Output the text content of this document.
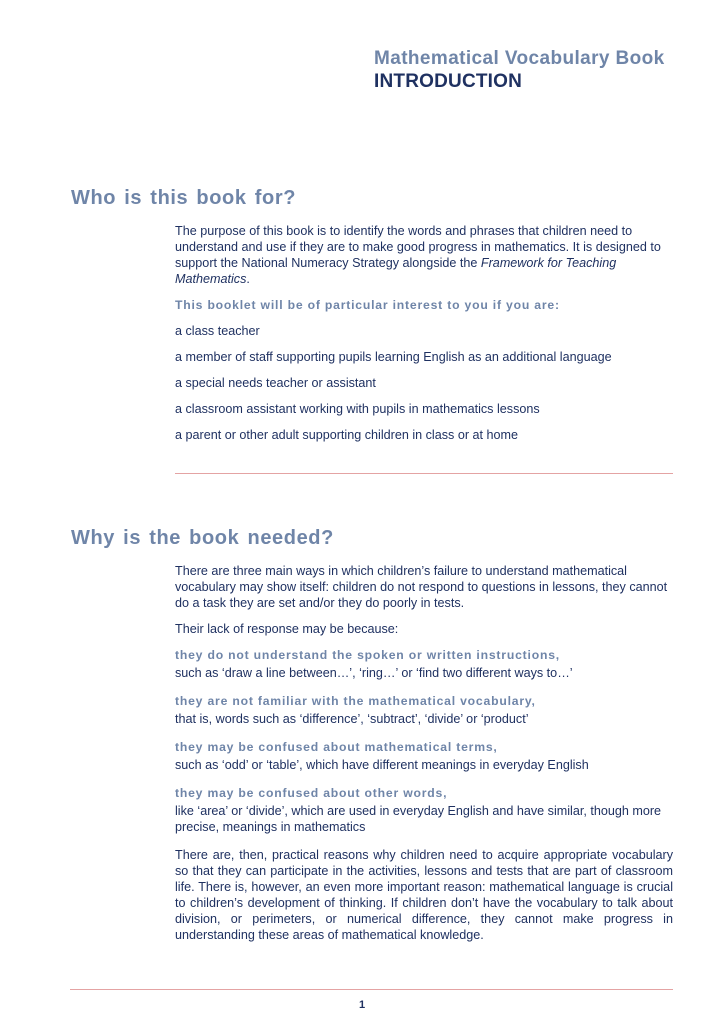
Mathematical Vocabulary Book
INTRODUCTION
Who is this book for?

The purpose of this book is to identify the words and phrases that children need to understand and use if they are to make good progress in mathematics. It is designed to support the National Numeracy Strategy alongside the Framework for Teaching Mathematics.

This booklet will be of particular interest to you if you are:

a class teacher

a member of staff supporting pupils learning English as an additional language

a special needs teacher or assistant

a classroom assistant working with pupils in mathematics lessons

a parent or other adult supporting children in class or at home

Why is the book needed?

There are three main ways in which children’s failure to understand mathematical vocabulary may show itself: children do not respond to questions in lessons, they cannot do a task they are set and/or they do poorly in tests.

Their lack of response may be because:

they do not understand the spoken or written instructions,

such as ‘draw a line between…’, ‘ring…’ or ‘find two different ways to…’

they are not familiar with the mathematical vocabulary,

that is, words such as ‘difference’, ‘subtract’, ‘divide’ or ‘product’

they may be confused about mathematical terms,

such as ‘odd’ or ‘table’, which have different meanings in everyday English

they may be confused about other words,

like ‘area’ or ‘divide’, which are used in everyday English and have similar, though more precise, meanings in mathematics

There are, then, practical reasons why children need to acquire appropriate vocabulary so that they can participate in the activities, lessons and tests that are part of classroom life. There is, however, an even more important reason: mathematical language is crucial to children’s development of thinking. If children don’t have the vocabulary to talk about division, or perimeters, or numerical difference, they cannot make progress in understanding these areas of mathematical knowledge.

1
